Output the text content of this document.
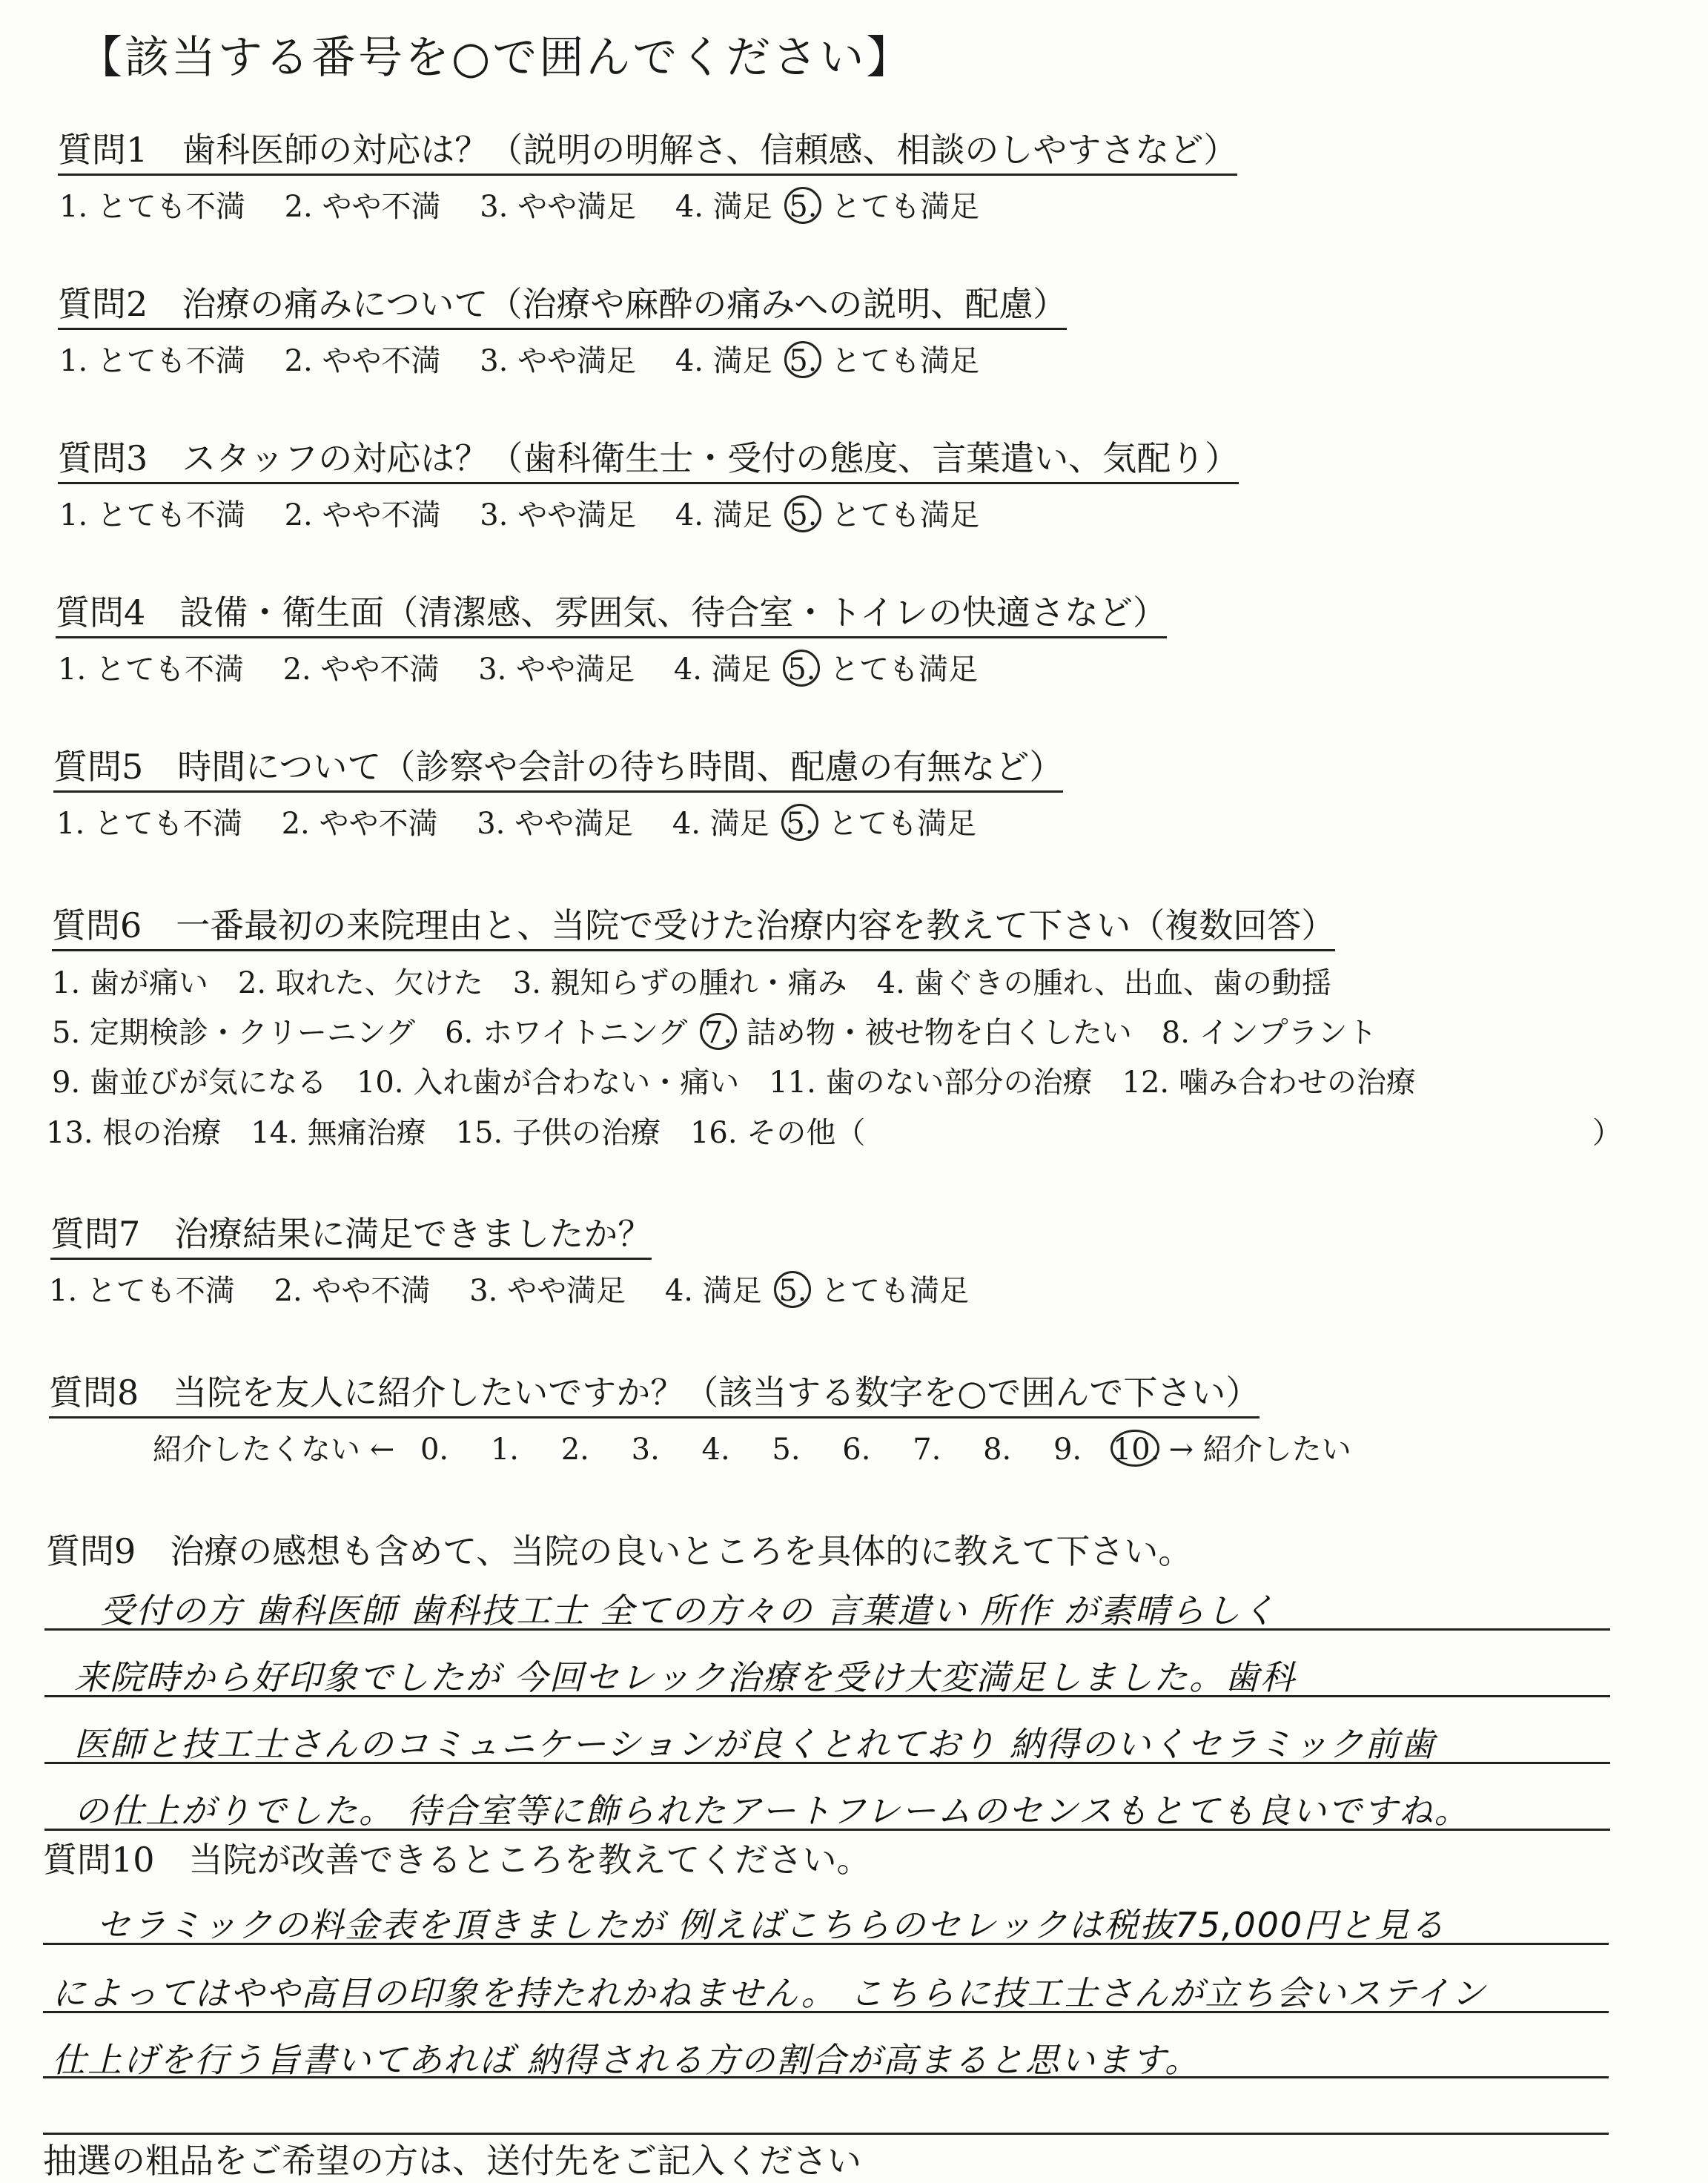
【該当する番号を○で囲んでください】
質問1　歯科医師の対応は？（説明の明解さ、信頼感、相談のしやすさなど）
1. とても不満　 2. やや不満　 3. やや満足　 4. 満足 5. とても満足
質問2　治療の痛みについて（治療や麻酔の痛みへの説明、配慮）
1. とても不満　 2. やや不満　 3. やや満足　 4. 満足 5. とても満足
質問3　スタッフの対応は？（歯科衛生士・受付の態度、言葉遣い、気配り）
1. とても不満　 2. やや不満　 3. やや満足　 4. 満足 5. とても満足
質問4　設備・衛生面（清潔感、雰囲気、待合室・トイレの快適さなど）
1. とても不満　 2. やや不満　 3. やや満足　 4. 満足 5. とても満足
質問5　時間について（診察や会計の待ち時間、配慮の有無など）
1. とても不満　 2. やや不満　 3. やや満足　 4. 満足 5. とても満足
質問6　一番最初の来院理由と、当院で受けた治療内容を教えて下さい（複数回答）
1. 歯が痛い　2. 取れた、欠けた　3. 親知らずの腫れ・痛み　4. 歯ぐきの腫れ、出血、歯の動揺
5. 定期検診・クリーニング　6. ホワイトニング 7. 詰め物・被せ物を白くしたい　8. インプラント
9. 歯並びが気になる　10. 入れ歯が合わない・痛い　11. 歯のない部分の治療　12. 噛み合わせの治療
13. 根の治療　14. 無痛治療　15. 子供の治療　16. その他（	）
質問7　治療結果に満足できましたか？
1. とても不満　 2. やや不満　 3. やや満足　 4. 満足 5. とても満足
質問8　当院を友人に紹介したいですか？（該当する数字を○で囲んで下さい）
紹介したくない ← 0. 1. 2. 3. 4. 5. 6. 7. 8. 9. 10. → 紹介したい
質問9　治療の感想も含めて、当院の良いところを具体的に教えて下さい。
受付の方 歯科医師 歯科技工士 全ての方々の 言葉遣い 所作 が素晴らしく
来院時から好印象でしたが 今回セレック治療を受け大変満足しました。歯科
医師と技工士さんのコミュニケーションが良くとれており 納得のいくセラミック前歯
の仕上がりでした。 待合室等に飾られたアートフレームのセンスもとても良いですね。
質問10　当院が改善できるところを教えてください。
セラミックの料金表を頂きましたが 例えばこちらのセレックは税抜75,000円と見る
によってはやや高目の印象を持たれかねません。 こちらに技工士さんが立ち会いステイン
仕上げを行う旨書いてあれば 納得される方の割合が高まると思います。
抽選の粗品をご希望の方は、送付先をご記入ください
